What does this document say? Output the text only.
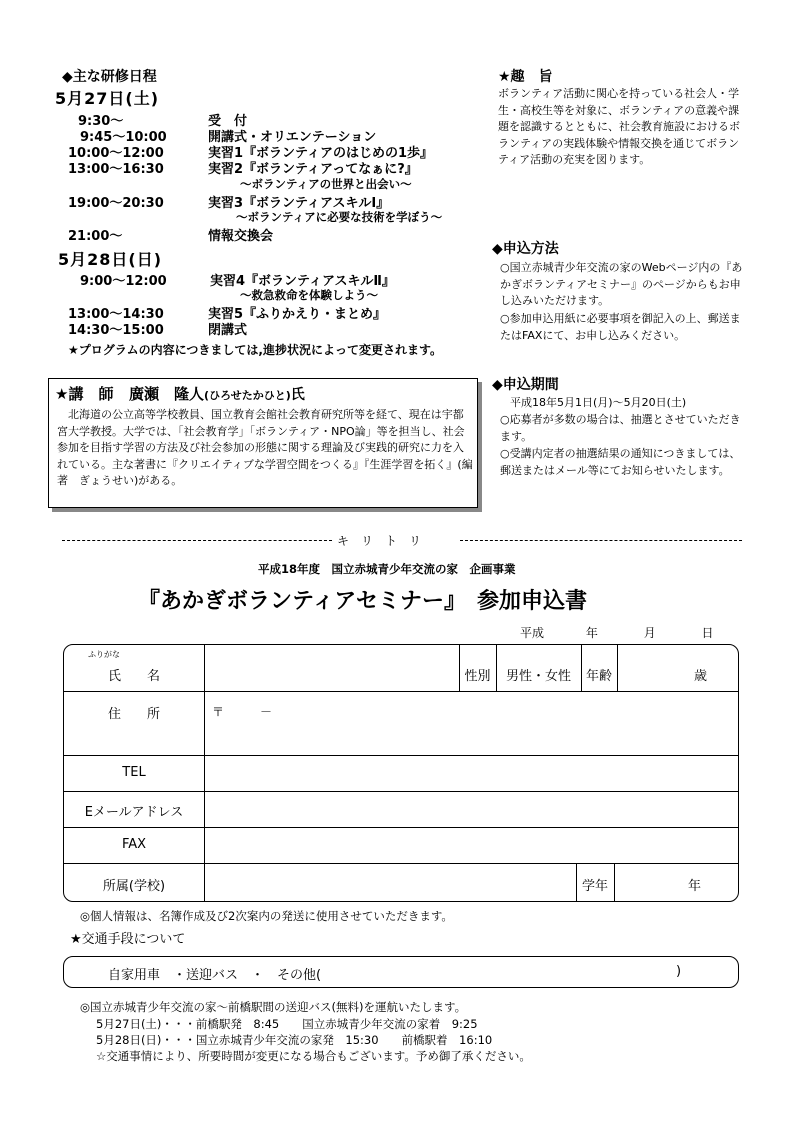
◆主な研修日程
5月27日(土)
9:30～	受　付
9:45～10:00	開講式・オリエンテーション
10:00～12:00	実習1『ボランティアのはじめの1歩』
13:00～16:30	実習2『ボランティアってなぁに?』
～ボランティアの世界と出会い～
19:00～20:30	実習3『ボランティアスキルⅠ』
～ボランティアに必要な技術を学ぼう～
21:00～	情報交換会
5月28日(日)
9:00～12:00	実習4『ボランティアスキルⅡ』
～救急救命を体験しよう～
13:00～14:30	実習5『ふりかえり・まとめ』
14:30～15:00	閉講式
★プログラムの内容につきましては,進捗状況によって変更されます。
★趣　旨
ボランティア活動に関心を持っている社会人・学生・高校生等を対象に、ボランティアの意義や課題を認識するとともに、社会教育施設におけるボランティアの実践体験や情報交換を通じてボランティア活動の充実を図ります。
◆申込方法
○国立赤城青少年交流の家のWebページ内の『あかぎボランティアセミナー』のページからもお申し込みいただけます。
○参加申込用紙に必要事項を御記入の上、郵送またはFAXにて、お申し込みください。
◆申込期間
平成18年5月1日(月)～5月20日(土)
○応募者が多数の場合は、抽選とさせていただきます。
○受講内定者の抽選結果の通知につきましては、郵送またはメール等にてお知らせいたします。
★講　師 廣瀬　隆人(ひろせたかひと)氏
北海道の公立高等学校教員、国立教育会館社会教育研究所等を経て、現在は宇都宮大学教授。大学では、「社会教育学」「ボランティア・NPO論」等を担当し、社会参加を目指す学習の方法及び社会参加の形態に関する理論及び実践的研究に力を入れている。主な著書に『クリエイティブな学習空間をつくる』『生涯学習を拓く』(編著　ぎょうせい)がある。
キ　リ　ト　リ
平成18年度　国立赤城青少年交流の家　企画事業
『あかぎボランティアセミナー』　参加申込書
平成	年	月	日
ふりがな
氏　　名	性別	男性・女性	年齢	歳
住　　所	〒　　　－
TEL
Eメールアドレス
FAX
所属(学校)	学年	年
◎個人情報は、名簿作成及び2次案内の発送に使用させていただきます。
★交通手段について
自家用車　・送迎バス　・　その他(	)
◎国立赤城青少年交流の家～前橋駅間の送迎バス(無料)を運航いたします。
5月27日(土)・・・前橋駅発　8:45　　国立赤城青少年交流の家着　9:25
5月28日(日)・・・国立赤城青少年交流の家発　15:30　　前橋駅着　16:10
☆交通事情により、所要時間が変更になる場合もございます。予め御了承ください。
